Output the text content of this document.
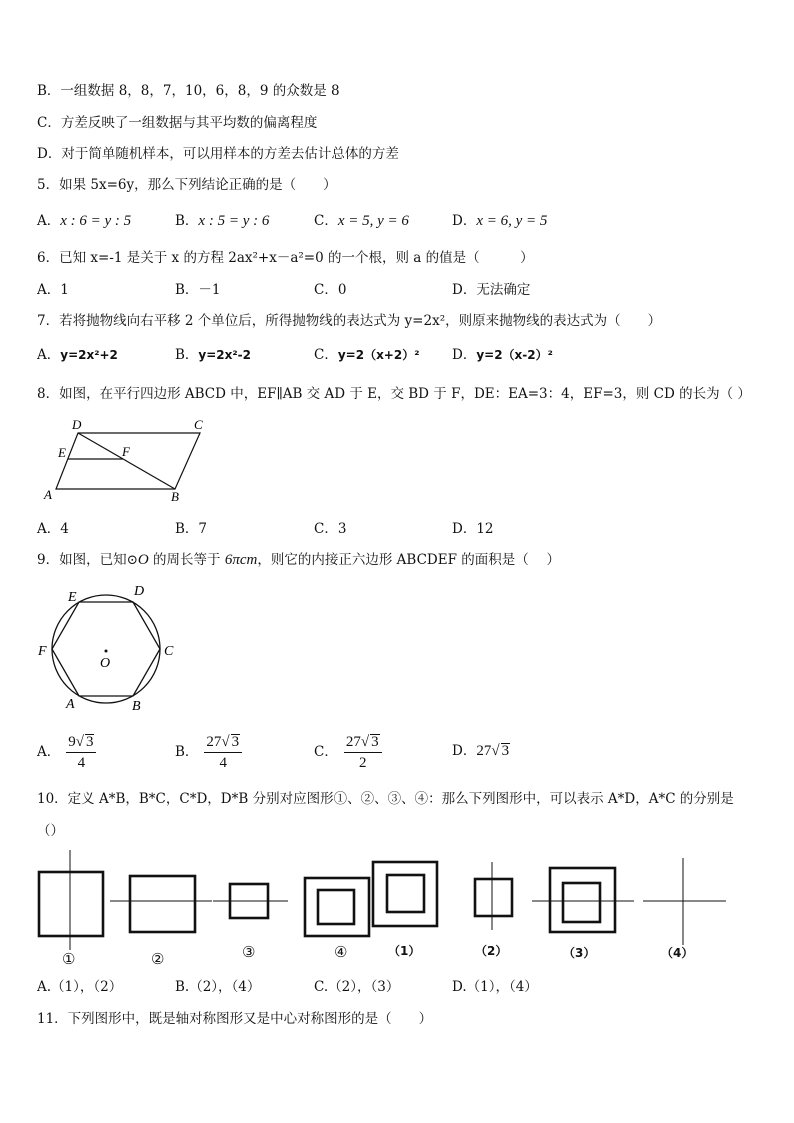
B．一组数据 8，8，7，10，6，8，9 的众数是 8
C．方差反映了一组数据与其平均数的偏离程度
D．对于简单随机样本，可以用样本的方差去估计总体的方差
5．如果 5x=6y，那么下列结论正确的是（　　）
A．x : 6 = y : 5	B．x : 5 = y : 6	C．x = 5, y = 6	D．x = 6, y = 5
6．已知 x=-1 是关于 x 的方程 2ax²+x－a²=0 的一个根，则 a 的值是（　　　）
A．1	B．－1	C．0	D．无法确定
7．若将抛物线向右平移 2 个单位后，所得抛物线的表达式为 y=2x²，则原来抛物线的表达式为（　　）
A．y=2x²+2	B．y=2x²-2	C．y=2（x+2）² D．y=2（x-2）²
8．如图，在平行四边形 ABCD 中，EF∥AB 交 AD 于 E，交 BD 于 F，DE：EA=3：4，EF=3，则 CD 的长为（ ）
D	C
E	F
A	B
A．4	B．7	C．3	D．12
9．如图，已知⊙O 的周长等于 6πcm，则它的内接正六边形 ABCDEF 的面积是（　 ）
E	D
F	C
O
A	B
A． $\frac{9√ 3}{4}$	B． $\frac{27√ 3}{4}$	C． $\frac{27√ 3}{2}$	D．27√ 3
10．定义 A*B，B*C，C*D，D*B 分别对应图形①、②、③、④：那么下列图形中，可以表示 A*D，A*C 的分别是
（）
①	②	③	④	（1）	（2）	（3）	（4）
A.（1），（2）	B.（2），（4）	C.（2），（3）	D.（1），（4）
11．下列图形中，既是轴对称图形又是中心对称图形的是（　　）
